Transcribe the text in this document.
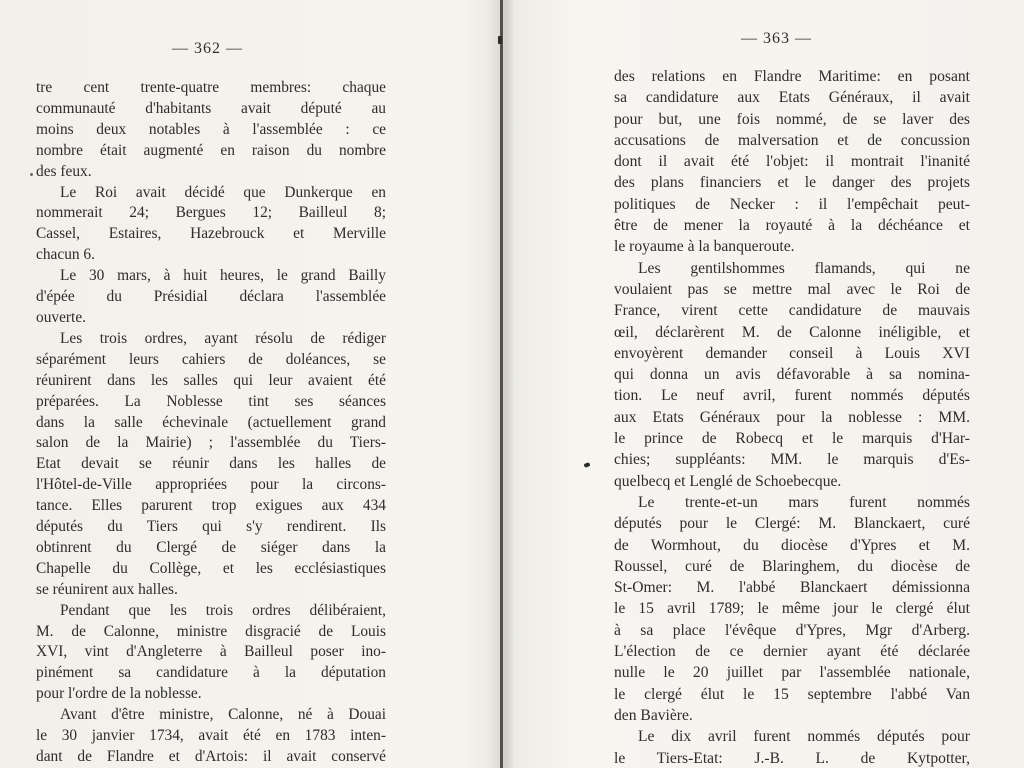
— 362 —
tre cent trente-quatre membres: chaque
communauté d'habitants avait député au
moins deux notables à l'assemblée : ce
nombre était augmenté en raison du nombre
des feux.
Le Roi avait décidé que Dunkerque en
nommerait 24; Bergues 12; Bailleul 8;
Cassel, Estaires, Hazebrouck et Merville
chacun 6.
Le 30 mars, à huit heures, le grand Bailly
d'épée du Présidial déclara l'assemblée
ouverte.
Les trois ordres, ayant résolu de rédiger
séparément leurs cahiers de doléances, se
réunirent dans les salles qui leur avaient été
préparées. La Noblesse tint ses séances
dans la salle échevinale (actuellement grand
salon de la Mairie) ; l'assemblée du Tiers-
Etat devait se réunir dans les halles de
l'Hôtel-de-Ville appropriées pour la circons-
tance. Elles parurent trop exigues aux 434
députés du Tiers qui s'y rendirent. Ils
obtinrent du Clergé de siéger dans la
Chapelle du Collège, et les ecclésiastiques
se réunirent aux halles.
Pendant que les trois ordres délibéraient,
M. de Calonne, ministre disgracié de Louis
XVI, vint d'Angleterre à Bailleul poser ino-
pinément sa candidature à la députation
pour l'ordre de la noblesse.
Avant d'être ministre, Calonne, né à Douai
le 30 janvier 1734, avait été en 1783 inten-
dant de Flandre et d'Artois: il avait conservé
— 363 —
des relations en Flandre Maritime: en posant
sa candidature aux Etats Généraux, il avait
pour but, une fois nommé, de se laver des
accusations de malversation et de concussion
dont il avait été l'objet: il montrait l'inanité
des plans financiers et le danger des projets
politiques de Necker : il l'empêchait peut-
être de mener la royauté à la déchéance et
le royaume à la banqueroute.
Les gentilshommes flamands, qui ne
voulaient pas se mettre mal avec le Roi de
France, virent cette candidature de mauvais
œil, déclarèrent M. de Calonne inéligible, et
envoyèrent demander conseil à Louis XVI
qui donna un avis défavorable à sa nomina-
tion. Le neuf avril, furent nommés députés
aux Etats Généraux pour la noblesse : MM.
le prince de Robecq et le marquis d'Har-
chies; suppléants: MM. le marquis d'Es-
quelbecq et Lenglé de Schoebecque.
Le trente-et-un mars furent nommés
députés pour le Clergé: M. Blanckaert, curé
de Wormhout, du diocèse d'Ypres et M.
Roussel, curé de Blaringhem, du diocèse de
St-Omer: M. l'abbé Blanckaert démissionna
le 15 avril 1789; le même jour le clergé élut
à sa place l'évêque d'Ypres, Mgr d'Arberg.
L'élection de ce dernier ayant été déclarée
nulle le 20 juillet par l'assemblée nationale,
le clergé élut le 15 septembre l'abbé Van
den Bavière.
Le dix avril furent nommés députés pour
le Tiers-Etat: J.-B. L. de Kytpotter,
